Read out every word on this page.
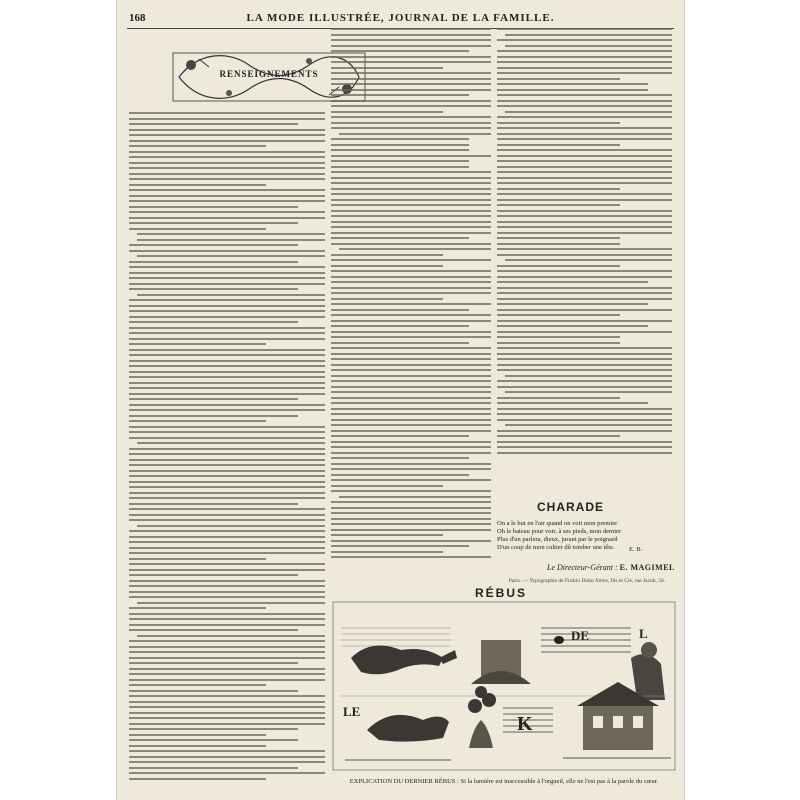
168	LA MODE ILLUSTRÉE, JOURNAL DE LA FAMILLE.
RENSEIGNEMENTS
CHARADE

On a le but en l'air quand on voit mon premier

Oh le bateau pour voir, à ses pieds, mon dernier

Plus d'un parlera, dieux, jurant par le poignard

D'un coup de mon cultier dû tomber une tête.	E. B.
Le Directeur-Gérant : E. MAGIMEL
Paris. — Typographie de Firmin Didot frères, fils et Cie, rue Jacob, 56.
RÉBUS
DE	L
LE
K
EXPLICATION DU DERNIER RÉBUS : Si la lumière est inaccessible à l'orgueil, elle ne l'est pas à la parole du cœur.
